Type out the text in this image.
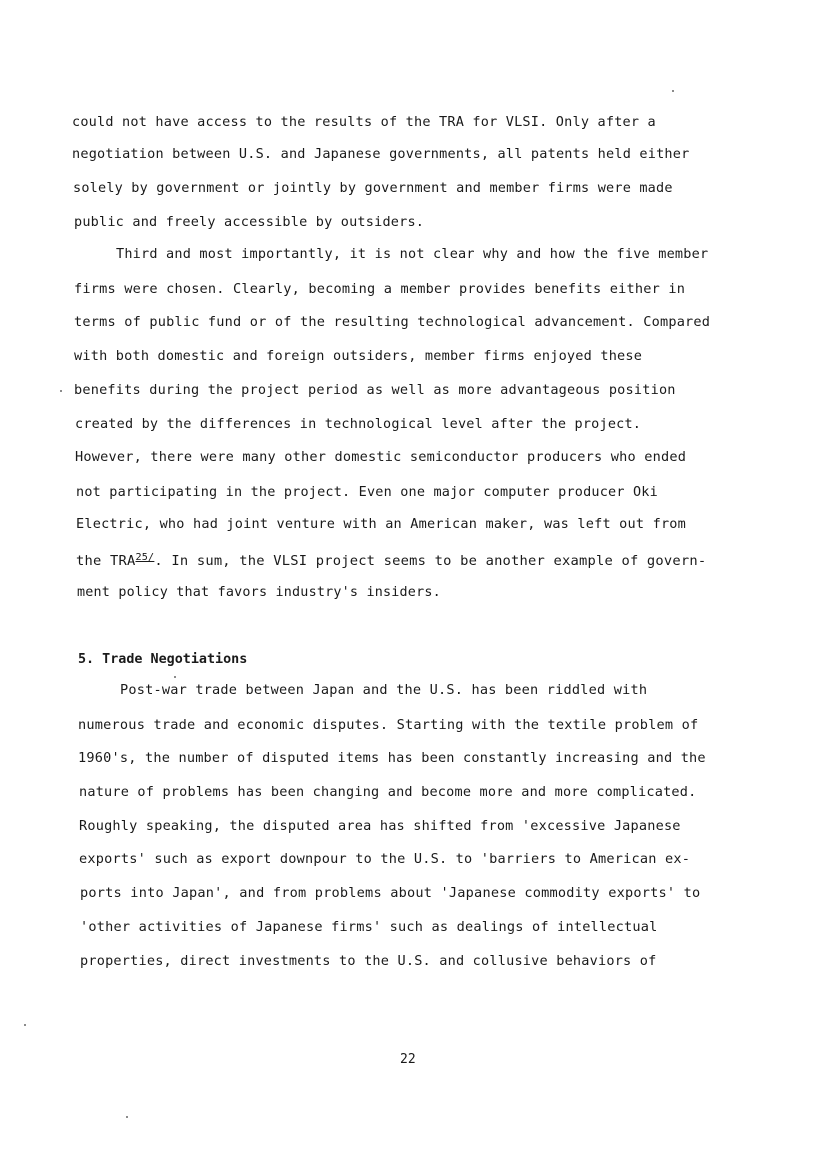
could not have access to the results of the TRA for VLSI. Only after a
negotiation between U.S. and Japanese governments, all patents held either
solely by government or jointly by government and member firms were made
public and freely accessible by outsiders.
Third and most importantly, it is not clear why and how the five member
firms were chosen. Clearly, becoming a member provides benefits either in
terms of public fund or of the resulting technological advancement. Compared
with both domestic and foreign outsiders, member firms enjoyed these
benefits during the project period as well as more advantageous position
created by the differences in technological level after the project.
However, there were many other domestic semiconductor producers who ended
not participating in the project. Even one major computer producer Oki
Electric, who had joint venture with an American maker, was left out from
the $TRA^{25/}$. In sum, the VLSI project seems to be another example of govern-
ment policy that favors industry's insiders.
5. Trade Negotiations
Post-war trade between Japan and the U.S. has been riddled with
numerous trade and economic disputes. Starting with the textile problem of
1960's, the number of disputed items has been constantly increasing and the
nature of problems has been changing and become more and more complicated.
Roughly speaking, the disputed area has shifted from 'excessive Japanese
exports' such as export downpour to the U.S. to 'barriers to American ex-
ports into Japan', and from problems about 'Japanese commodity exports' to
'other activities of Japanese firms' such as dealings of intellectual
properties, direct investments to the U.S. and collusive behaviors of
22
